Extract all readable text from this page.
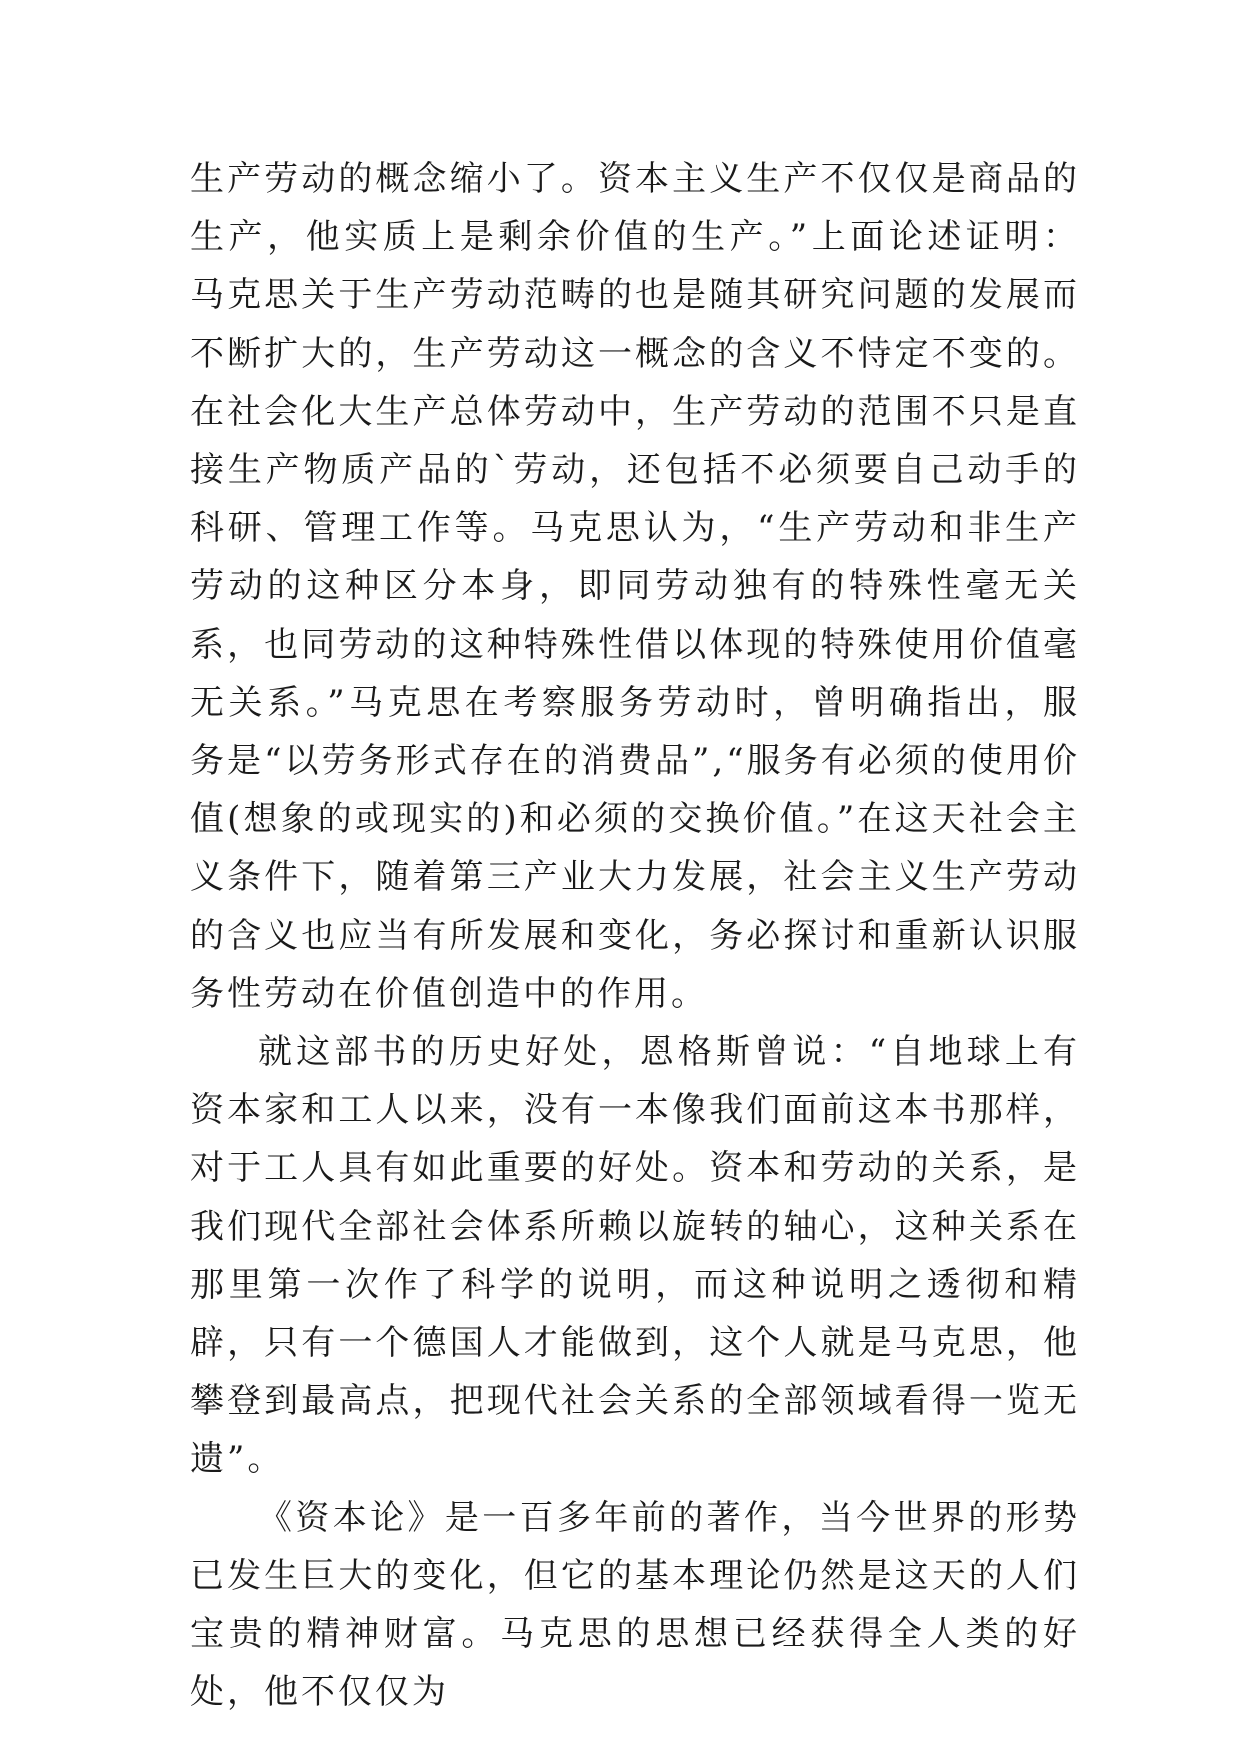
生产劳动的概念缩小了。资本主义生产不仅仅是商品的生产，他实质上是剩余价值的生产。”上面论述证明：马克思关于生产劳动范畴的也是随其研究问题的发展而不断扩大的，生产劳动这一概念的含义不恃定不变的。在社会化大生产总体劳动中，生产劳动的范围不只是直接生产物质产品的`劳动，还包括不必须要自己动手的科研、管理工作等。马克思认为，“生产劳动和非生产劳动的这种区分本身，即同劳动独有的特殊性毫无关系，也同劳动的这种特殊性借以体现的特殊使用价值毫无关系。”马克思在考察服务劳动时，曾明确指出，服务是“以劳务形式存在的消费品”,“服务有必须的使用价值(想象的或现实的)和必须的交换价值。”在这天社会主义条件下，随着第三产业大力发展，社会主义生产劳动的含义也应当有所发展和变化，务必探讨和重新认识服务性劳动在价值创造中的作用。

就这部书的历史好处，恩格斯曾说：“自地球上有资本家和工人以来，没有一本像我们面前这本书那样，对于工人具有如此重要的好处。资本和劳动的关系，是我们现代全部社会体系所赖以旋转的轴心，这种关系在那里第一次作了科学的说明，而这种说明之透彻和精辟，只有一个德国人才能做到，这个人就是马克思，他攀登到最高点，把现代社会关系的全部领域看得一览无遗”。

《资本论》是一百多年前的著作，当今世界的形势已发生巨大的变化，但它的基本理论仍然是这天的人们宝贵的精神财富。马克思的思想已经获得全人类的好处，他不仅仅为
